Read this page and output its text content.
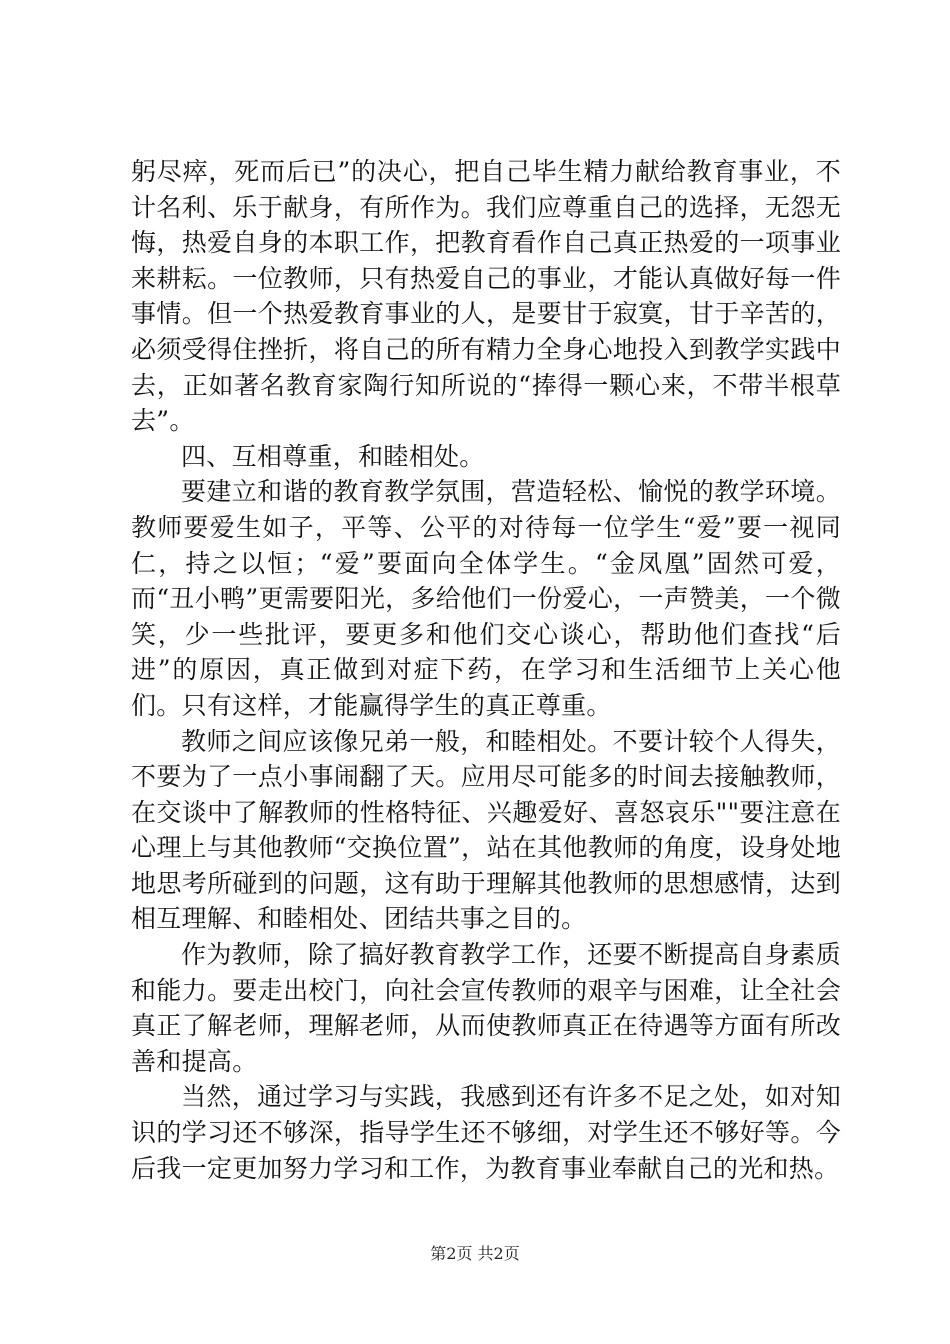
躬尽瘁，死而后已”的决心，把自己毕生精力献给教育事业，不计名利、乐于献身，有所作为。我们应尊重自己的选择，无怨无悔，热爱自身的本职工作，把教育看作自己真正热爱的一项事业来耕耘。一位教师，只有热爱自己的事业，才能认真做好每一件事情。但一个热爱教育事业的人，是要甘于寂寞，甘于辛苦的，必须受得住挫折，将自己的所有精力全身心地投入到教学实践中去，正如著名教育家陶行知所说的“捧得一颗心来，不带半根草去”。

四、互相尊重，和睦相处。

要建立和谐的教育教学氛围，营造轻松、愉悦的教学环境。教师要爱生如子，平等、公平的对待每一位学生“爱”要一视同仁，持之以恒；“爱”要面向全体学生。“金凤凰”固然可爱，而“丑小鸭”更需要阳光，多给他们一份爱心，一声赞美，一个微笑，少一些批评，要更多和他们交心谈心，帮助他们查找“后进”的原因，真正做到对症下药，在学习和生活细节上关心他们。只有这样，才能赢得学生的真正尊重。

教师之间应该像兄弟一般，和睦相处。不要计较个人得失，不要为了一点小事闹翻了天。应用尽可能多的时间去接触教师，在交谈中了解教师的性格特征、兴趣爱好、喜怒哀乐""要注意在心理上与其他教师“交换位置”，站在其他教师的角度，设身处地地思考所碰到的问题，这有助于理解其他教师的思想感情，达到相互理解、和睦相处、团结共事之目的。

作为教师，除了搞好教育教学工作，还要不断提高自身素质和能力。要走出校门，向社会宣传教师的艰辛与困难，让全社会真正了解老师，理解老师，从而使教师真正在待遇等方面有所改善和提高。

当然，通过学习与实践，我感到还有许多不足之处，如对知识的学习还不够深，指导学生还不够细，对学生还不够好等。今后我一定更加努力学习和工作，为教育事业奉献自己的光和热。

第2页 共2页
